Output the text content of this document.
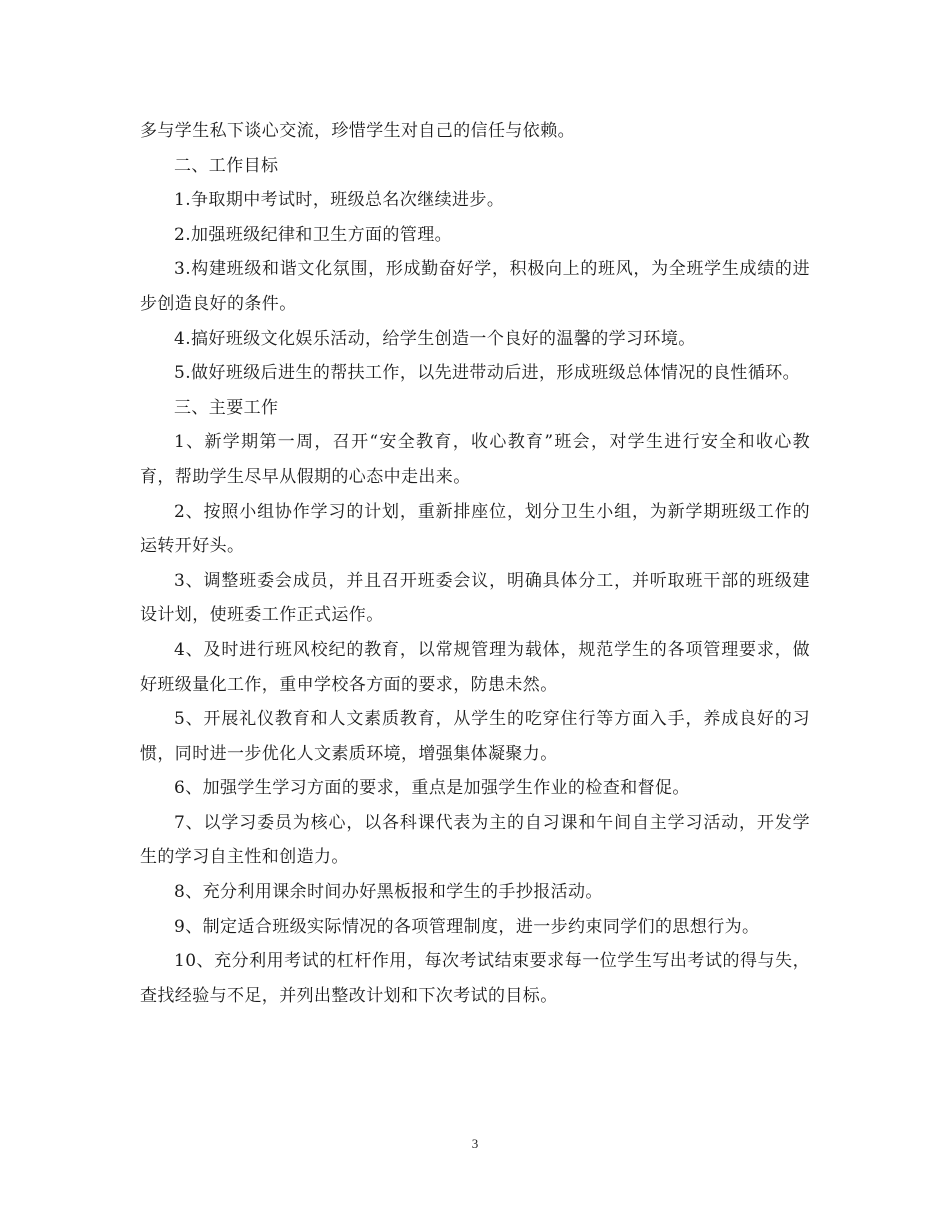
多与学生私下谈心交流，珍惜学生对自己的信任与依赖。

二、工作目标

1.争取期中考试时，班级总名次继续进步。

2.加强班级纪律和卫生方面的管理。

3.构建班级和谐文化氛围，形成勤奋好学，积极向上的班风，为全班学生成绩的进步创造良好的条件。

4.搞好班级文化娱乐活动，给学生创造一个良好的温馨的学习环境。

5.做好班级后进生的帮扶工作，以先进带动后进，形成班级总体情况的良性循环。

三、主要工作

1、新学期第一周，召开“安全教育，收心教育”班会，对学生进行安全和收心教育，帮助学生尽早从假期的心态中走出来。

2、按照小组协作学习的计划，重新排座位，划分卫生小组，为新学期班级工作的运转开好头。

3、调整班委会成员，并且召开班委会议，明确具体分工，并听取班干部的班级建设计划，使班委工作正式运作。

4、及时进行班风校纪的教育，以常规管理为载体，规范学生的各项管理要求，做好班级量化工作，重申学校各方面的要求，防患未然。

5、开展礼仪教育和人文素质教育，从学生的吃穿住行等方面入手，养成良好的习惯，同时进一步优化人文素质环境，增强集体凝聚力。

6、加强学生学习方面的要求，重点是加强学生作业的检查和督促。

7、以学习委员为核心，以各科课代表为主的自习课和午间自主学习活动，开发学生的学习自主性和创造力。

8、充分利用课余时间办好黑板报和学生的手抄报活动。

9、制定适合班级实际情况的各项管理制度，进一步约束同学们的思想行为。

10、充分利用考试的杠杆作用，每次考试结束要求每一位学生写出考试的得与失，查找经验与不足，并列出整改计划和下次考试的目标。

3
